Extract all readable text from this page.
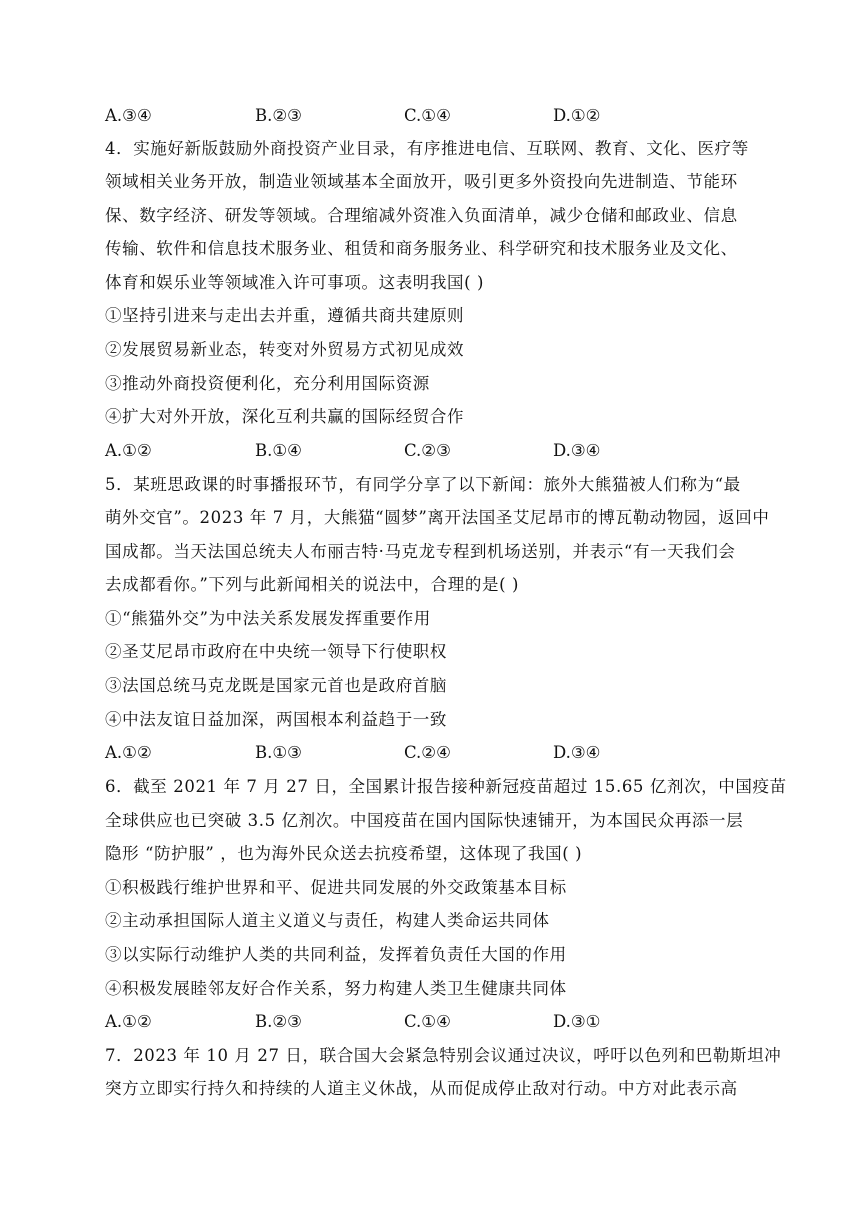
A.③④	B.②③	C.①④	D.①②
4．实施好新版鼓励外商投资产业目录，有序推进电信、互联网、教育、文化、医疗等
领域相关业务开放，制造业领域基本全面放开，吸引更多外资投向先进制造、节能环
保、数字经济、研发等领域。合理缩减外资准入负面清单，减少仓储和邮政业、信息
传输、软件和信息技术服务业、租赁和商务服务业、科学研究和技术服务业及文化、
体育和娱乐业等领域准入许可事项。这表明我国( )
①坚持引进来与走出去并重，遵循共商共建原则
②发展贸易新业态，转变对外贸易方式初见成效
③推动外商投资便利化，充分利用国际资源
④扩大对外开放，深化互利共赢的国际经贸合作
A.①②	B.①④	C.②③	D.③④
5．某班思政课的时事播报环节，有同学分享了以下新闻：旅外大熊猫被人们称为“最
萌外交官”。2023 年 7 月，大熊猫“圆梦”离开法国圣艾尼昂市的博瓦勒动物园，返回中
国成都。当天法国总统夫人布丽吉特·马克龙专程到机场送别，并表示“有一天我们会
去成都看你。”下列与此新闻相关的说法中，合理的是( )
①“熊猫外交”为中法关系发展发挥重要作用
②圣艾尼昂市政府在中央统一领导下行使职权
③法国总统马克龙既是国家元首也是政府首脑
④中法友谊日益加深，两国根本利益趋于一致
A.①②	B.①③	C.②④	D.③④
6．截至 2021 年 7 月 27 日，全国累计报告接种新冠疫苗超过 15.65 亿剂次，中国疫苗
全球供应也已突破 3.5 亿剂次。中国疫苗在国内国际快速铺开，为本国民众再添一层
隐形 “防护服” ，也为海外民众送去抗疫希望，这体现了我国( )
①积极践行维护世界和平、促进共同发展的外交政策基本目标
②主动承担国际人道主义道义与责任，构建人类命运共同体
③以实际行动维护人类的共同利益，发挥着负责任大国的作用
④积极发展睦邻友好合作关系，努力构建人类卫生健康共同体
A.①②	B.②③	C.①④	D.③①
7．2023 年 10 月 27 日，联合国大会紧急特别会议通过决议，呼吁以色列和巴勒斯坦冲
突方立即实行持久和持续的人道主义休战，从而促成停止敌对行动。中方对此表示高
